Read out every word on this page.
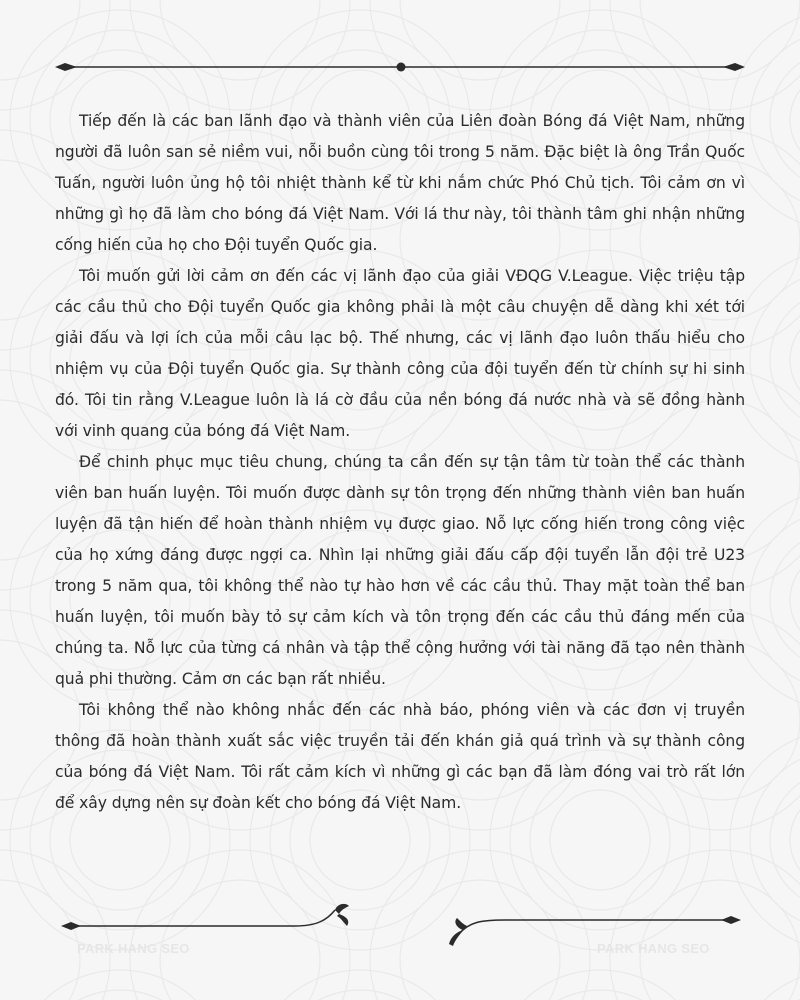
Tiếp đến là các ban lãnh đạo và thành viên của Liên đoàn Bóng đá Việt Nam, những người đã luôn san sẻ niềm vui, nỗi buồn cùng tôi trong 5 năm. Đặc biệt là ông Trần Quốc Tuấn, người luôn ủng hộ tôi nhiệt thành kể từ khi nắm chức Phó Chủ tịch. Tôi cảm ơn vì những gì họ đã làm cho bóng đá Việt Nam. Với lá thư này, tôi thành tâm ghi nhận những cống hiến của họ cho Đội tuyển Quốc gia.

Tôi muốn gửi lời cảm ơn đến các vị lãnh đạo của giải VĐQG V.League. Việc triệu tập các cầu thủ cho Đội tuyển Quốc gia không phải là một câu chuyện dễ dàng khi xét tới giải đấu và lợi ích của mỗi câu lạc bộ. Thế nhưng, các vị lãnh đạo luôn thấu hiểu cho nhiệm vụ của Đội tuyển Quốc gia. Sự thành công của đội tuyển đến từ chính sự hi sinh đó. Tôi tin rằng V.League luôn là lá cờ đầu của nền bóng đá nước nhà và sẽ đồng hành với vinh quang của bóng đá Việt Nam.

Để chinh phục mục tiêu chung, chúng ta cần đến sự tận tâm từ toàn thể các thành viên ban huấn luyện. Tôi muốn được dành sự tôn trọng đến những thành viên ban huấn luyện đã tận hiến để hoàn thành nhiệm vụ được giao. Nỗ lực cống hiến trong công việc của họ xứng đáng được ngợi ca. Nhìn lại những giải đấu cấp đội tuyển lẫn đội trẻ U23 trong 5 năm qua, tôi không thể nào tự hào hơn về các cầu thủ. Thay mặt toàn thể ban huấn luyện, tôi muốn bày tỏ sự cảm kích và tôn trọng đến các cầu thủ đáng mến của chúng ta. Nỗ lực của từng cá nhân và tập thể cộng hưởng với tài năng đã tạo nên thành quả phi thường. Cảm ơn các bạn rất nhiều.

Tôi không thể nào không nhắc đến các nhà báo, phóng viên và các đơn vị truyền thông đã hoàn thành xuất sắc việc truyền tải đến khán giả quá trình và sự thành công của bóng đá Việt Nam. Tôi rất cảm kích vì những gì các bạn đã làm đóng vai trò rất lớn để xây dựng nên sự đoàn kết cho bóng đá Việt Nam.

PARK HANG SEO	PARK HANG SEO
